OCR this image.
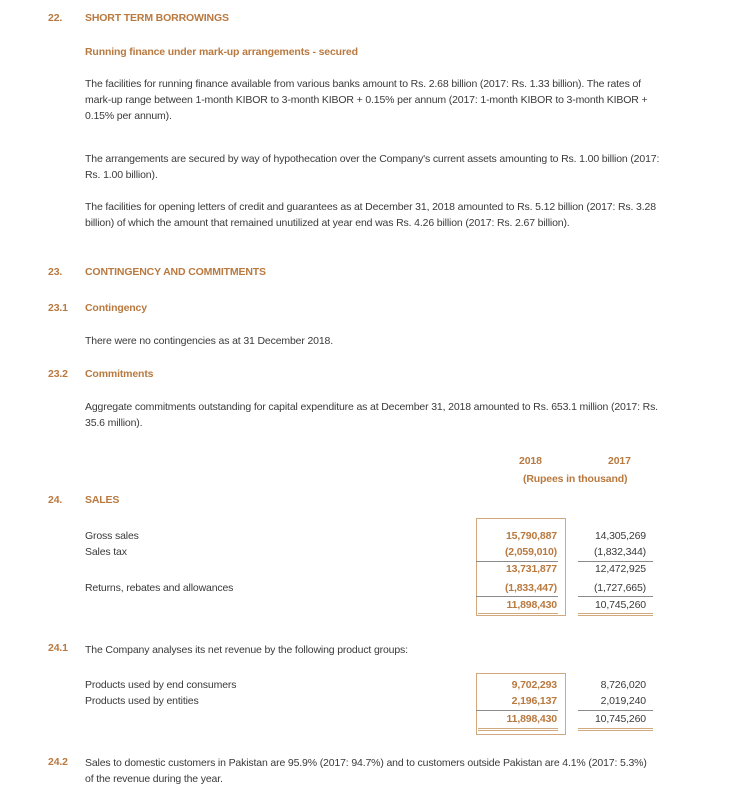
22. SHORT TERM BORROWINGS
Running finance under mark-up arrangements - secured
The facilities for running finance available from various banks amount to Rs. 2.68 billion (2017: Rs. 1.33 billion). The rates of mark-up range between 1-month KIBOR to 3-month KIBOR + 0.15% per annum (2017: 1-month KIBOR to 3-month KIBOR + 0.15% per annum).
The arrangements are secured by way of hypothecation over the Company's current assets amounting to Rs. 1.00 billion (2017: Rs. 1.00 billion).
The facilities for opening letters of credit and guarantees as at December 31, 2018 amounted to Rs. 5.12 billion (2017: Rs. 3.28 billion) of which the amount that remained unutilized at year end was Rs. 4.26 billion (2017: Rs. 2.67 billion).
23. CONTINGENCY AND COMMITMENTS
23.1 Contingency
There were no contingencies as at 31 December 2018.
23.2 Commitments
Aggregate commitments outstanding for capital expenditure as at December 31, 2018 amounted to Rs. 653.1 million (2017: Rs. 35.6 million).
2018	2017
(Rupees in thousand)
24. SALES
Gross sales	15,790,887	14,305,269
Sales tax	(2,059,010)	(1,832,344)
13,731,877	12,472,925
Returns, rebates and allowances	(1,833,447)	(1,727,665)
11,898,430	10,745,260
24.1 The Company analyses its net revenue by the following product groups:
Products used by end consumers	9,702,293	8,726,020
Products used by entities	2,196,137	2,019,240
11,898,430	10,745,260
24.2 Sales to domestic customers in Pakistan are 95.9% (2017: 94.7%) and to customers outside Pakistan are 4.1% (2017: 5.3%) of the revenue during the year.
